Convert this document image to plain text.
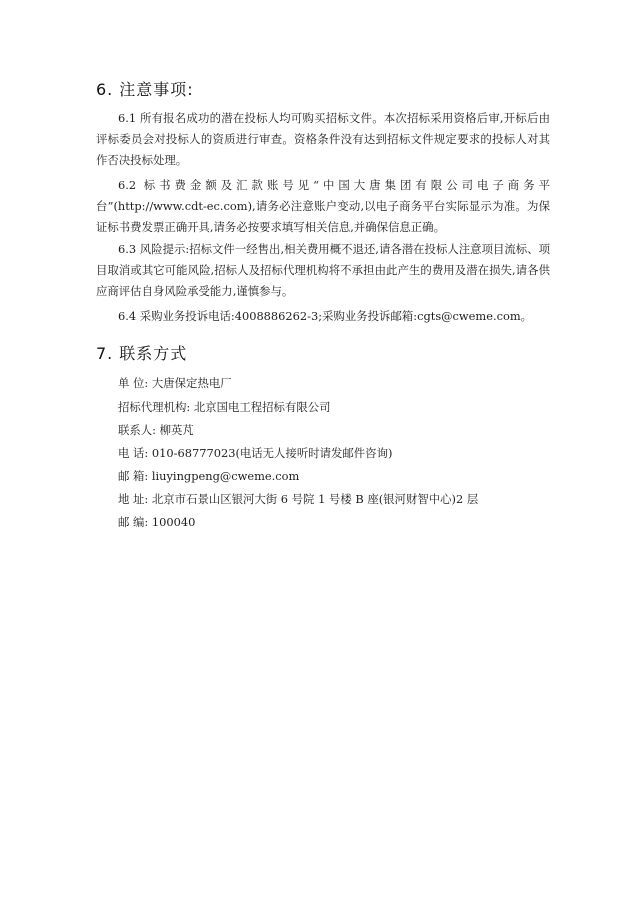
6. 注意事项:
6.1 所有报名成功的潜在投标人均可购买招标文件。本次招标采用资格后审,开标后由评标委员会对投标人的资质进行审查。资格条件没有达到招标文件规定要求的投标人对其作否决投标处理。
6.2 标书费金额及汇款账号见“中国大唐集团有限公司电子商务平台”(http://www.cdt-ec.com),请务必注意账户变动,以电子商务平台实际显示为准。为保证标书费发票正确开具,请务必按要求填写相关信息,并确保信息正确。
6.3 风险提示:招标文件一经售出,相关费用概不退还,请各潜在投标人注意项目流标、项目取消或其它可能风险,招标人及招标代理机构将不承担由此产生的费用及潜在损失,请各供应商评估自身风险承受能力,谨慎参与。
6.4 采购业务投诉电话:4008886262-3;采购业务投诉邮箱:cgts@cweme.com。
7. 联系方式
单 位: 大唐保定热电厂
招标代理机构: 北京国电工程招标有限公司
联系人: 柳英芃
电 话: 010-68777023(电话无人接听时请发邮件咨询)
邮 箱: liuyingpeng@cweme.com
地 址: 北京市石景山区银河大街 6 号院 1 号楼 B 座(银河财智中心)2 层
邮 编: 100040
